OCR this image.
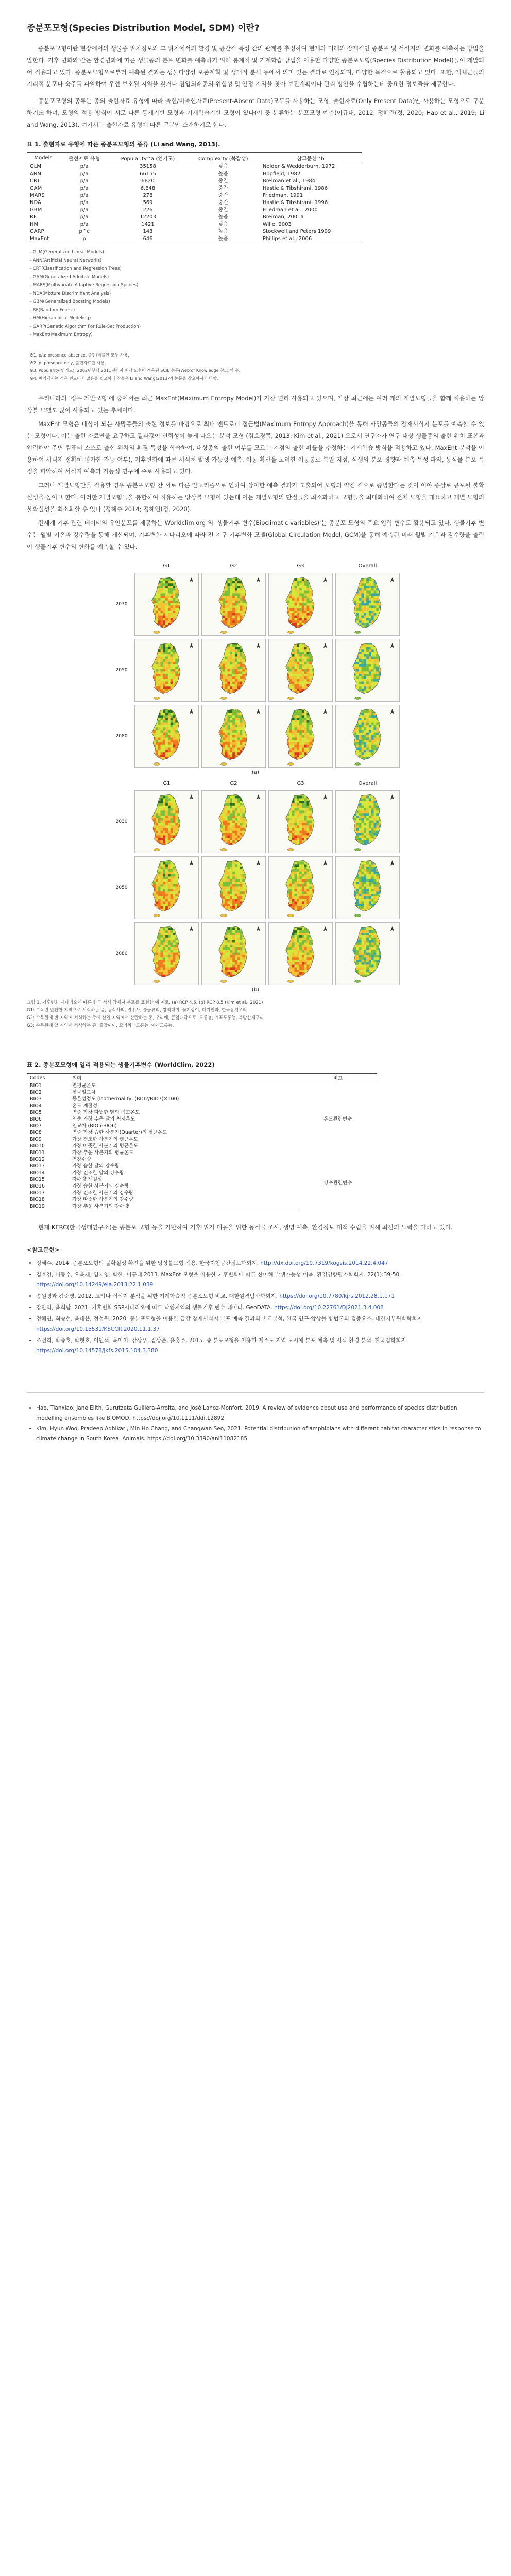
종분포모형(Species Distribution Model, SDM) 이란?

종분포모형이란 현장에서의 생물종 위치정보와 그 위치에서의 환경 및 공간적 특성 간의 관계를 추정하여 현재와 미래의 잠재적인 종분포 및 서식지의 변화를 예측하는 방법을 말한다. 기후 변화와 같은 환경변화에 따른 생물종의 분포 변화를 예측하기 위해 통계적 및 기계학습 방법을 이용한 다양한 종분포모형(Species Distribution Model)들이 개발되어 적용되고 있다. 종분포모형으로부터 예측된 결과는 생물다양성 보존계획 및 생태적 분석 등에서 의미 있는 결과로 인정되며, 다양한 목적으로 활용되고 있다. 또한, 개체군들의 지리적 분포나 숙주를 파악하여 우선 보호될 지역을 찾거나 침입외래종의 위험성 및 안정 지역을 찾아 보전계획이나 관리 방안을 수립하는데 중요한 정보들을 제공한다.

종분포모형의 종류는 종의 출현자료 유형에 따라 출현/비출현자료(Present-Absent Data)모두를 사용하는 모형, 출현자료(Only Present Data)만 사용하는 모형으로 구분하기도 하며, 모형의 적용 방식이 서로 다른 통계기반 모형과 기계학습기반 모형이 있다(이 중 분류하는 분포모형 예측(이규대, 2012; 정혜린(정, 2020; Hao et al., 2019; Li and Wang, 2013). 여기서는 출현자료 유형에 따른 구분만 소개하기로 한다.

표 1. 출현자료 유형에 따른 종분포모형의 종류 (Li and Wang, 2013).
Models	출현자료 유형	Popularity^a (인기도)	Complexity (복잡성)	참고문헌^b
GLM	p/a	35158	낮음	Nelder & Wedderburn, 1972
ANN	p/a	66155	높음	Hopfield, 1982
CRT	p/a	6820	중간	Breiman et al., 1984
GAM	p/a	6,848	중간	Hastie & Tibshirani, 1986
MARS	p/a	278	중간	Friedman, 1991
NDA	p/a	569	중간	Hastie & Tibshirani, 1996
GBM	p/a	226	중간	Friedman et al., 2000
RF	p/a	12203	높음	Breiman, 2001a
HM	p/a	1421	낮음	Wille, 2003
GARP	p^c	143	높음	Stockwell and Peters 1999
MaxEnt	p	646	높음	Phillips et al., 2006
- GLM(Generalized Linear Models)
- ANN(Artificial Neural Networks)
- CRT(Classification and Regression Trees)
- GAM(Generalized Additive Models)
- MARS(Multivariate Adaptive Regression Splines)
- NDA(Mixture Discriminant Analysis)
- GBM(Generalized Boosting Models)
- RF(Random Forest)
- HM(Hierarchical Modeling)
- GARP(Genetic Algorithm For Rule-Set Production)
- MaxEnt(Maximum Entropy)
※1. p/a: presence-absence, 출현/비출현 모두 사용.
※2. p: presence only, 출현자료만 사용.
※3. Popularity(인기도): 2002년부터 2011년까지 해당 모형이 적용된 SCIE 논문(Web of Knowledge 참고)의 수.
※4. 여기에서는 적은 빈도이지 않음을 필요하다 참을온 Li and Wang(2013)의 논문을 참고하시기 바람.

우리나라의 '정우 개발모형'에 중에서는 최근 MaxEnt(Maximum Entropy Model)가 가장 널리 사용되고 있으며, 가장 최근에는 여러 개의 개별모형들을 함께 적용하는 앙상블 모델도 많이 사용되고 있는 추세이다.

MaxEnt 모형은 대상이 되는 사망종들의 출현 정보를 바탕으로 최대 엔트로피 접근법(Maximum Entropy Approach)을 통해 사망종들의 잠재서식지 분포를 예측할 수 있는 모형이다. 이는 출현 자료만을 요구하고 결과값이 신뢰성이 높게 나오는 분석 모형 (김호경쯤, 2013; Kim et al., 2021) 으로서 연구자가 연구 대상 생물종의 출현 위치 표본과 입력해야 주면 컴퓨터 스스로 출현 위치의 환경 특성을 학습하여, 대상종의 출현 여부를 모르는 지점의 출현 확률을 추정하는 기계학습 방식을 적용하고 있다. MaxEnt 분석을 이용하여 서식지 정확히 평가한 가능 여부), 기후변화에 따른 서식처 발생 가능성 예측, 이동 확산을 고려한 이동통로 복원 지점, 식생의 분포 경향과 예측 특성 파악, 동식물 분포 특징을 파악하여 서식지 예측과 가능성 연구에 주로 사용되고 있다.

그러나 개별모형만을 적용할 경우 종분포모형 간 서로 다른 알고리즘으로 인하여 상이한 예측 결과가 도출되어 모형의 약점 적으로 증명한다는 것이 이야 증상로 공포될 불확실성을 높이고 한다. 이러한 개별모형들을 통합하여 적용하는 앙상블 모형이 있는데 이는 개별모형의 단점들을 최소화하고 모형들을 최대화하여 전체 모형을 대표하고 개별 모형의 불확실성을 최소화할 수 있다 (정혜수 2014; 정혜인(정, 2020).

전세계 기후 관련 데이터의 유인분포를 제공하는 Worldclim.org 의 '생물기후 변수(Bioclimatic variables)'는 종분포 모형의 주요 입력 변수로 활용되고 있다. 생물기후 변수는 월별 기온과 강수량을 통해 계산되며, 기후변화 시나리오에 따라 전 지구 기후변화 모델(Global Circulation Model, GCM)을 통해 예측된 미래 월별 기온과 강수량을 출력이 생물기후 변수의 변화를 예측할 수 있다.

G1	G2	G3	Overall
2030
2050
2080
(a)
G1	G2	G3	Overall
2030
2050
2080
(b)
그림 1. 기후변화 시나리오에 따른 한국 서식 잠재지 분포를 표현한 예 예로. (a) RCP 4.5. (b) RCP 8.5 (Kim et al., 2021)
G1: 수목원 반환한 지역으로 서식하는 종, 동식사의, 멸종사, 풀물류리, 쌍백대미, 꽃기상이, 대기인과, 한국유지우리
G2: 수목원에 반 지역에 서식하는 주에 산업 지역에서 산란하는 종, 우리에, 큰잎대각으로, 도롱뇽, 계곡도롱뇽, 북방산개구리
G3: 수목원에 얕 지역에 서식하는 종, 즐강이이, 꼬리치레도롱뇽, 이리도롱뇽.
표 2. 종분포모형에 일리 적용되는 생물기후변수 (WorldClim, 2022)
Codes	의미	비고
BIO1	연평균온도	온도관련변수
BIO2	평균일교차	
BIO3	등온성정도 (Isothermality, (BIO2/BIO7)×100)	
BIO4	온도 계절성	
BIO5	연중 가장 따뜻한 달의 최고온도	
BIO6	연중 가장 추운 달의 최저온도	
BIO7	연교차 (BIO5-BIO6)	
BIO8	연중 가장 습한 사분기(Quarter)의 평균온도	
BIO9	가장 건조한 사분기의 평균온도	
BIO10	가장 따뜻한 사분기의 평균온도	
BIO11	가장 추운 사분기의 평균온도	
BIO12	연강수량	강수관련변수
BIO13	가장 습한 달의 강수량	
BIO14	가장 건조한 달의 강수량	
BIO15	강수량 계절성	
BIO16	가장 습한 사분기의 강수량	
BIO17	가장 건조한 사분기의 강수량	
BIO18	가장 따뜻한 사분기의 강수량	
BIO19	가장 추운 사분기의 강수량	

현재 KERC(한국생태연구소)는 종분포 모형 등을 기반하여 기후 위기 대응을 위한 동식물 조사, 생명 예측, 환경정보 대책 수립을 위해 최선의 노력을 다하고 있다.

<참고문헌>
• 정혜수, 2014. 종분포모형의 불확실성 확진을 위한 앙상블모형 적용. 한국지형공간정보학회지. http://dx.doi.org/10.7319/kogsis.2014.22.4.047
• 김호경, 이동수, 오윤재, 임지영, 박한, 이규태 2013. MaxEnt 모형을 이용한 기후변화에 따른 산이해 발생가능성 예측. 환경영향평가학회지. 22(1):39-50. https://doi.org/10.14249/eia.2013.22.1.039
• 송원경과 김준영, 2012. 고려나 서식지 분석을 위한 기계학습적 종분포모형 비교. 대한원격탐사학회지. https://doi.org/10.7780/kjrs.2012.28.1.171
• 강만익, 윤희남. 2021. 기후변화 SSP시나리오에 따른 낙인지역의 생물기후 변수 데이터. GeoDATA. https://doi.org/10.22761/DJ2021.3.4.008
• 정혜인, 최승철, 윤대은, 정성원, 2020. 종분포모형을 이용한 금강 잠재서식지 분포 예측 결과의 비교분석, 한국 연구-앙상블 방법론의 검증요소. 대한지부원박학회지. https://doi.org/10.15531/KSCCR.2020.11.1.37
• 조선희, 박종호, 박형호, 이인석, 윤이이, 강상우, 김상준, 윤홍주, 2015. 종 분포모형을 이용한 제주도 지역 도시에 분포 예측 및 서식 환경 분석. 한국임학회지. https://doi.org/10.14578/jkfs.2015.104.3.380
• Hao, Tianxiao, Jane Elith, Gurutzeta Guillera-Arroita, and José Lahoz-Monfort. 2019. A review of evidence about use and performance of species distribution modelling ensembles like BIOMOD. https://doi.org/10.1111/ddi.12892
• Kim, Hyun Woo, Pradeep Adhikari, Min Ho Chang, and Changwan Seo, 2021. Potential distribution of amphibians with different habitat characteristics in response to climate change in South Korea. Animals. https://doi.org/10.3390/ani11082185
